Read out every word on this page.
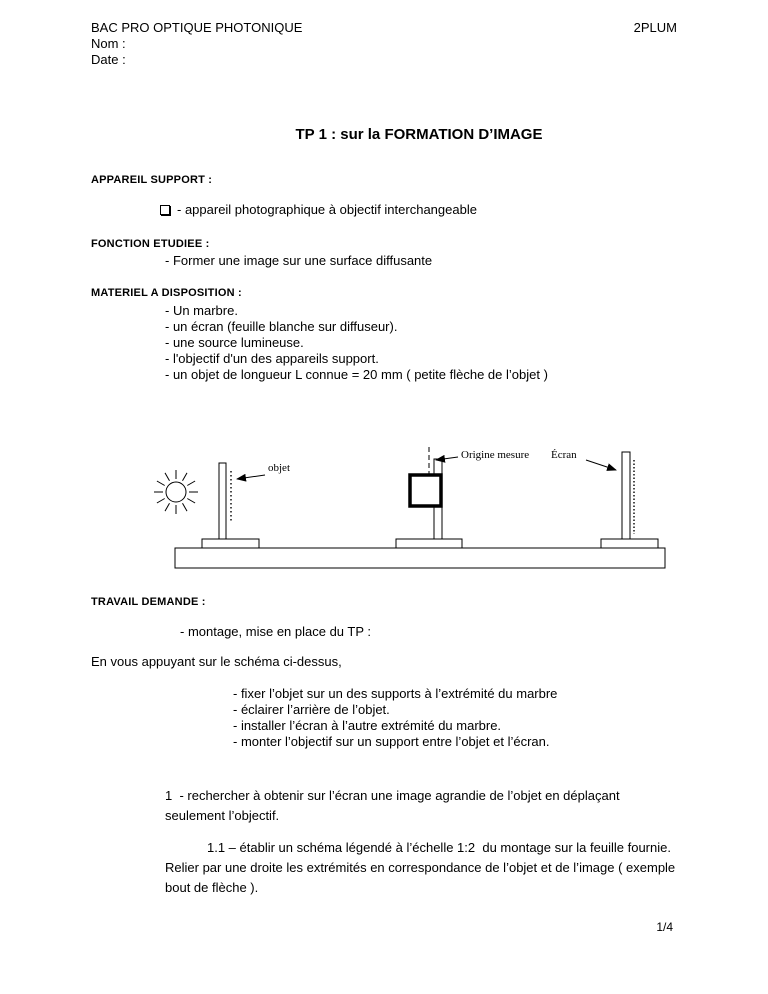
BAC PRO OPTIQUE PHOTONIQUE	2PLUM
Nom :
Date :
TP 1 : sur la FORMATION D’IMAGE
APPAREIL SUPPORT :
- appareil photographique à objectif interchangeable
FONCTION ETUDIEE :
- Former une image sur une surface diffusante
MATERIEL A DISPOSITION :
- Un marbre.
- un écran (feuille blanche sur diffuseur).
- une source lumineuse.
- l'objectif d'un des appareils support.
- un objet de longueur L connue = 20 mm ( petite flèche de l’objet )
objet
Origine mesure Écran
TRAVAIL DEMANDE :
- montage, mise en place du TP :
En vous appuyant sur le schéma ci-dessus,
- fixer l’objet sur un des supports à l’extrémité du marbre
- éclairer l’arrière de l’objet.
- installer l’écran à l’autre extrémité du marbre.
- monter l’objectif sur un support entre l’objet et l’écran.
1  - rechercher à obtenir sur l’écran une image agrandie de l’objet en déplaçant seulement l’objectif.
1.1 – établir un schéma légendé à l’échelle 1:2  du montage sur la feuille fournie. Relier par une droite les extrémités en correspondance de l’objet et de l’image ( exemple bout de flèche ).
1/4
